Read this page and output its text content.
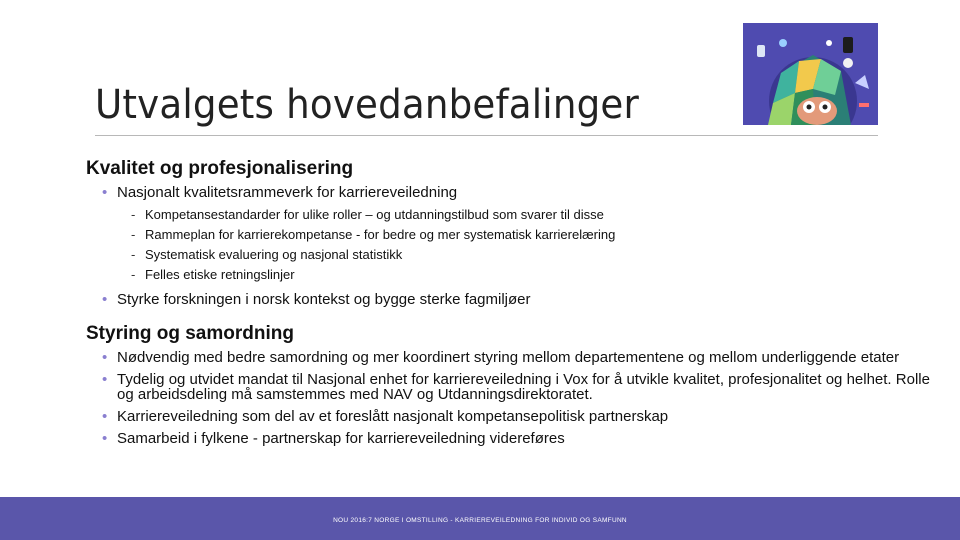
Utvalgets hovedanbefalinger
Kvalitet og profesjonalisering
• Nasjonalt kvalitetsrammeverk for karriereveiledning
- Kompetansestandarder for ulike roller – og utdanningstilbud som svarer til disse
- Rammeplan for karrierekompetanse - for bedre og mer systematisk karrierelæring
- Systematisk evaluering og nasjonal statistikk
- Felles etiske retningslinjer
• Styrke forskningen i norsk kontekst og bygge sterke fagmiljøer
Styring og samordning
• Nødvendig med bedre samordning og mer koordinert styring mellom departementene og mellom underliggende etater
• Tydelig og utvidet mandat til Nasjonal enhet for karriereveiledning i Vox for å utvikle kvalitet, profesjonalitet og helhet. Rolle og arbeidsdeling må samstemmes med NAV og Utdanningsdirektoratet.
• Karriereveiledning som del av et foreslått nasjonalt kompetansepolitisk partnerskap
• Samarbeid i fylkene - partnerskap for karriereveiledning videreføres
NOU 2016:7 NORGE I OMSTILLING - KARRIEREVEILEDNING FOR INDIVID OG SAMFUNN
